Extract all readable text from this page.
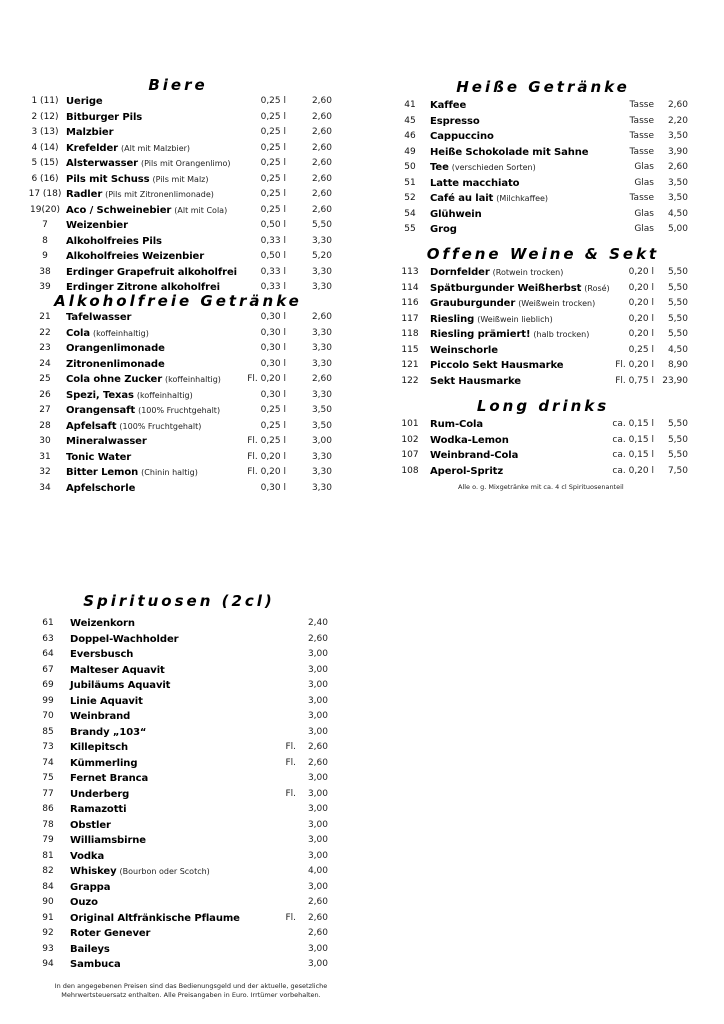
Biere
1 (11) Uerige	0,25 l	2,60
2 (12) Bitburger Pils	0,25 l	2,60
3 (13) Malzbier	0,25 l	2,60
4 (14) Krefelder (Alt mit Malzbier)	0,25 l	2,60
5 (15) Alsterwasser (Pils mit Orangenlimo)	0,25 l	2,60
6 (16) Pils mit Schuss (Pils mit Malz)	0,25 l	2,60
17 (18) Radler (Pils mit Zitronenlimonade)	0,25 l	2,60
19(20) Aco / Schweinebier (Alt mit Cola)	0,25 l	2,60
7	Weizenbier	0,50 l	5,50
8	Alkoholfreies Pils	0,33 l	3,30
9	Alkoholfreies Weizenbier	0,50 l	5,20
38	Erdinger Grapefruit alkoholfrei	0,33 l	3,30
39	Erdinger Zitrone alkoholfrei	0,33 l	3,30
Alkoholfreie Getränke
21	Tafelwasser	0,30 l	2,60
22	Cola (koffeinhaltig)	0,30 l	3,30
23	Orangenlimonade	0,30 l	3,30
24	Zitronenlimonade	0,30 l	3,30
25	Cola ohne Zucker (koffeinhaltig)	Fl. 0,20 l	2,60
26	Spezi, Texas (koffeinhaltig)	0,30 l	3,30
27	Orangensaft (100% Fruchtgehalt)	0,25 l	3,50
28	Apfelsaft (100% Fruchtgehalt)	0,25 l	3,50
30	Mineralwasser	Fl. 0,25 l	3,00
31	Tonic Water	Fl. 0,20 l	3,30
32	Bitter Lemon (Chinin haltig)	Fl. 0,20 l	3,30
34	Apfelschorle	0,30 l	3,30
Heiße Getränke
41	Kaffee	Tasse	2,60
45	Espresso	Tasse	2,20
46	Cappuccino	Tasse	3,50
49	Heiße Schokolade mit Sahne	Tasse	3,90
50	Tee (verschieden Sorten)	Glas	2,60
51	Latte macchiato	Glas	3,50
52	Café au lait (Milchkaffee)	Tasse	3,50
54	Glühwein	Glas	4,50
55	Grog	Glas	5,00
Offene Weine & Sekt
113	Dornfelder (Rotwein trocken)	0,20 l	5,50
114	Spätburgunder Weißherbst (Rosé)	0,20 l	5,50
116	Grauburgunder (Weißwein trocken)	0,20 l	5,50
117	Riesling (Weißwein lieblich)	0,20 l	5,50
118	Riesling prämiert! (halb trocken)	0,20 l	5,50
115	Weinschorle	0,25 l	4,50
121	Piccolo Sekt Hausmarke	Fl. 0,20 l	8,90
122	Sekt Hausmarke	Fl. 0,75 l 23,90
Long drinks
101	Rum-Cola	ca. 0,15 l	5,50
102	Wodka-Lemon	ca. 0,15 l	5,50
107	Weinbrand-Cola	ca. 0,15 l	5,50
108	Aperol-Spritz	ca. 0,20 l	7,50
Alle o. g. Mixgetränke mit ca. 4 cl Spirituosenanteil
Spirituosen (2cl)
61	Weizenkorn	2,40
63	Doppel-Wachholder	2,60
64	Eversbusch	3,00
67	Malteser Aquavit	3,00
69	Jubiläums Aquavit	3,00
99	Linie Aquavit	3,00
70	Weinbrand	3,00
85	Brandy „103“	3,00
73	Killepitsch	Fl.	2,60
74	Kümmerling	Fl.	2,60
75	Fernet Branca	3,00
77	Underberg	Fl.	3,00
86	Ramazotti	3,00
78	Obstler	3,00
79	Williamsbirne	3,00
81	Vodka	3,00
82	Whiskey (Bourbon oder Scotch)	4,00
84	Grappa	3,00
90	Ouzo	2,60
91	Original Altfränkische Pflaume	Fl.	2,60
92	Roter Genever	2,60
93	Baileys	3,00
94	Sambuca	3,00
In den angegebenen Preisen sind das Bedienungsgeld und der aktuelle, gesetzliche
Mehrwertsteuersatz enthalten. Alle Preisangaben in Euro. Irrtümer vorbehalten.
